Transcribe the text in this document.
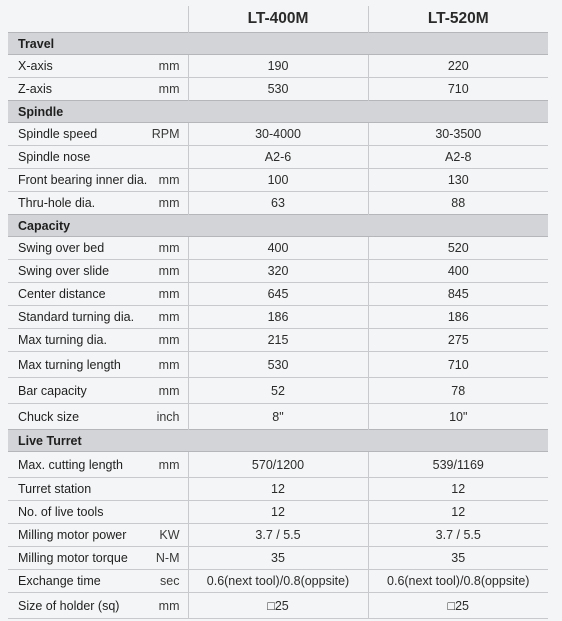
	LT-400M	LT-520M
Travel		

X-axis mm	190	220

Z-axis mm	530	710
Spindle		

Spindle speed RPM	30-4000	30-3500

Spindle nose	A2-6	A2-8

Front bearing inner dia. mm	100	130

Thru-hole dia. mm	63	88
Capacity		

Swing over bed mm	400	520

Swing over slide mm	320	400

Center distance mm	645	845

Standard turning dia. mm	186	186

Max turning dia. mm	215	275

Max turning length mm	530	710

Bar capacity mm	52	78

Chuck size inch	8"	10"
Live Turret		

Max. cutting length mm	570/1200	539/1169

Turret station	12	12

No. of live tools	12	12

Milling motor power KW	3.7 / 5.5	3.7 / 5.5

Milling motor torque N-M	35	35

Exchange time sec	0.6(next tool)/0.8(oppsite)	0.6(next tool)/0.8(oppsite)

Size of holder (sq) mm	□25	□25
